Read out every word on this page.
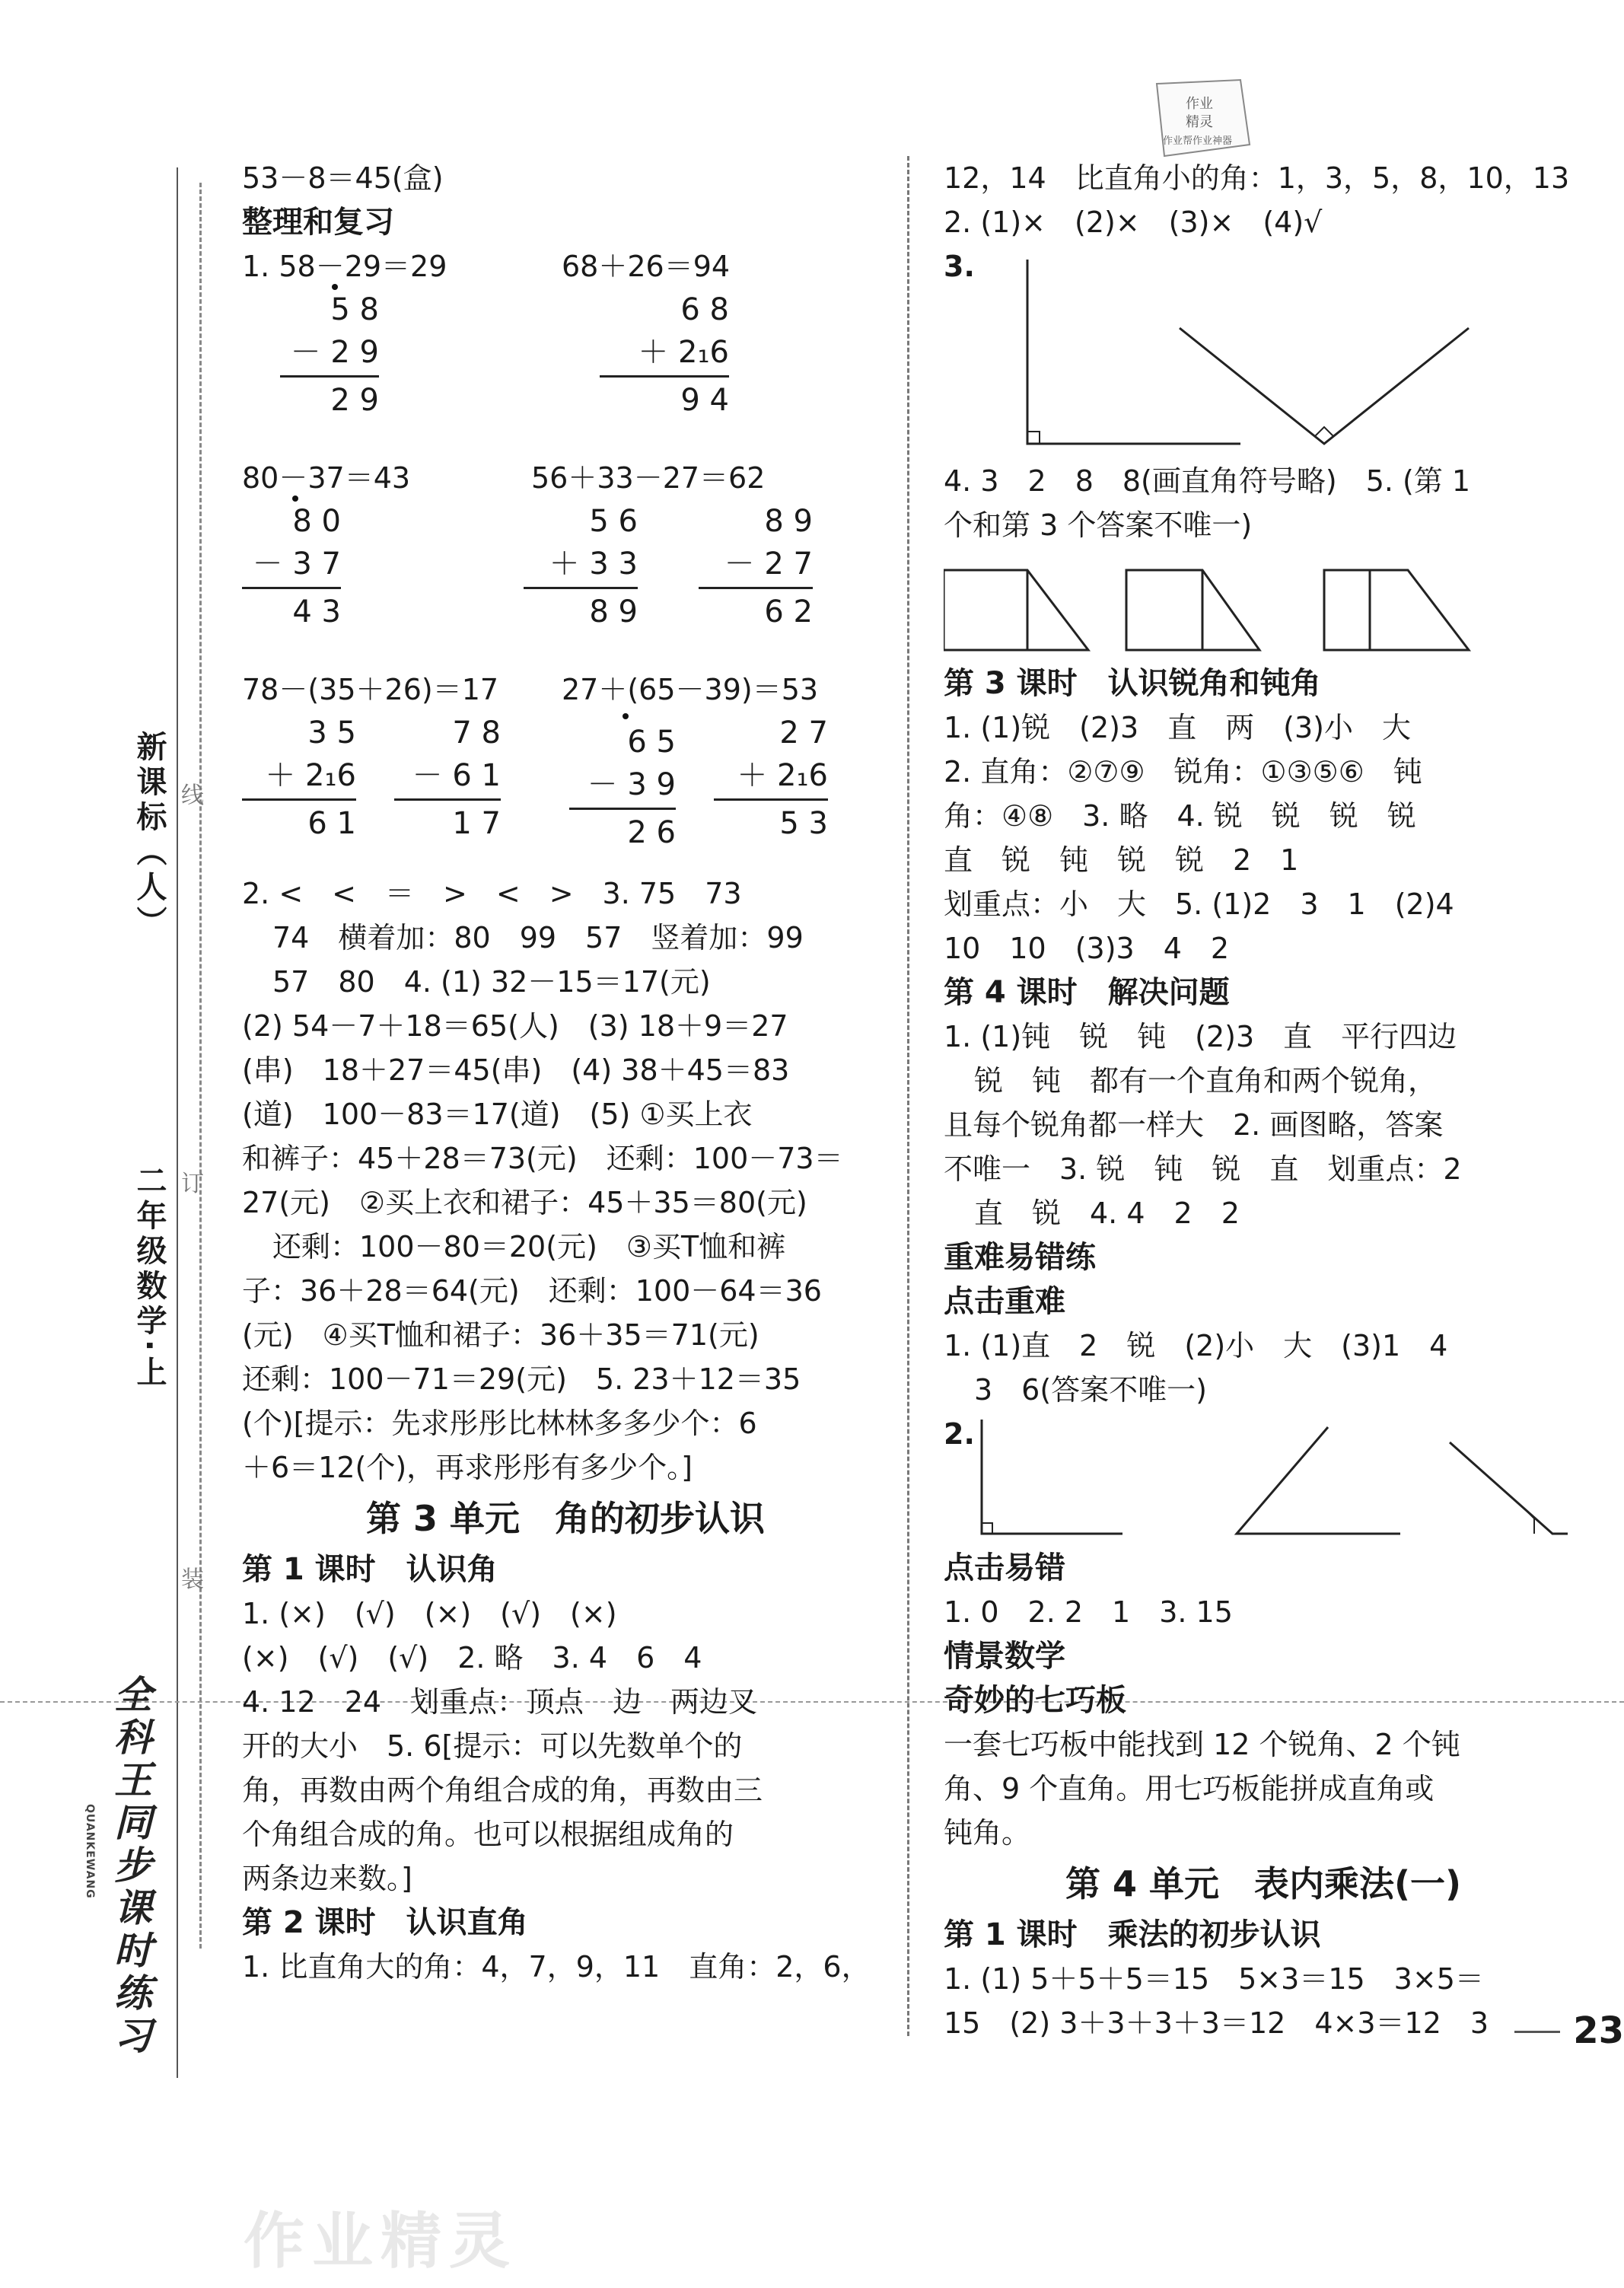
二年级数学·上
新课标（人） 线
订
装
全科王同步课时练习
QUANKEWANG
作业
精灵
作业帮作业神器
53－8＝45(盒)
整理和复习
1. 58－29＝29	68＋26＝94
5 8
－ 2 9
2 9
6 8
＋ 2₁6
9 4
80－37＝43	56＋33－27＝62
8 0
－ 3 7
4 3
5 6
＋ 3 3
8 9
8 9
－ 2 7
6 2
78－(35＋26)＝17 27＋(65－39)＝53
3 5
＋ 2₁6
6 1
7 8
－ 6 1
1 7
6 5
－ 3 9
2 6
2 7
＋ 2₁6
5 3
2. <　<　＝　>　<　>　3. 75　73
74　横着加：80　99　57　竖着加：99
57　80　4. (1) 32－15＝17(元)
(2) 54－7＋18＝65(人)　(3) 18＋9＝27
(串)　18＋27＝45(串)　(4) 38＋45＝83
(道)　100－83＝17(道)　(5) ①买上衣
和裤子：45＋28＝73(元)　还剩：100－73＝
27(元)　②买上衣和裙子：45＋35＝80(元)
还剩：100－80＝20(元)　③买T恤和裤
子：36＋28＝64(元)　还剩：100－64＝36
(元)　④买T恤和裙子：36＋35＝71(元)
还剩：100－71＝29(元)　5. 23＋12＝35
(个)[提示：先求彤彤比林林多多少个：6
＋6＝12(个)，再求彤彤有多少个。]
第 3 单元　角的初步认识
第 1 课时　认识角
1. (×)　(√)　(×)　(√)　(×)
(×)　(√)　(√)　2. 略　3. 4　6　4
4. 12　24　划重点：顶点　边　两边叉
开的大小　5. 6[提示：可以先数单个的
角，再数由两个角组合成的角，再数由三
个角组合成的角。也可以根据组成角的
两条边来数。]
第 2 课时　认识直角
1. 比直角大的角：4，7，9，11　直角：2，6，
12，14　比直角小的角：1，3，5，8，10，13
2. (1)×　(2)×　(3)×　(4)√
3.
4. 3　2　8　8(画直角符号略)　5. (第 1
个和第 3 个答案不唯一)
第 3 课时　认识锐角和钝角
1. (1)锐　(2)3　直　两　(3)小　大
2. 直角：②⑦⑨　锐角：①③⑤⑥　钝
角：④⑧　3. 略　4. 锐　锐　锐　锐
直　锐　钝　锐　锐　2　1
划重点：小　大　5. (1)2　3　1　(2)4
10　10　(3)3　4　2
第 4 课时　解决问题
1. (1)钝　锐　钝　(2)3　直　平行四边
锐　钝　都有一个直角和两个锐角，
且每个锐角都一样大　2. 画图略，答案
不唯一　3. 锐　钝　锐　直　划重点：2
直　锐　4. 4　2　2
重难易错练
点击重难
1. (1)直　2　锐　(2)小　大　(3)1　4
3　6(答案不唯一)
2.
点击易错
1. 0　2. 2　1　3. 15
情景数学
奇妙的七巧板
一套七巧板中能找到 12 个锐角、2 个钝
角、9 个直角。用七巧板能拼成直角或
钝角。
第 4 单元　表内乘法(一)
第 1 课时　乘法的初步认识
1. (1) 5＋5＋5＝15　5×3＝15　3×5＝
15　(2) 3＋3＋3＋3＝12　4×3＝12　3	23
作业精灵
